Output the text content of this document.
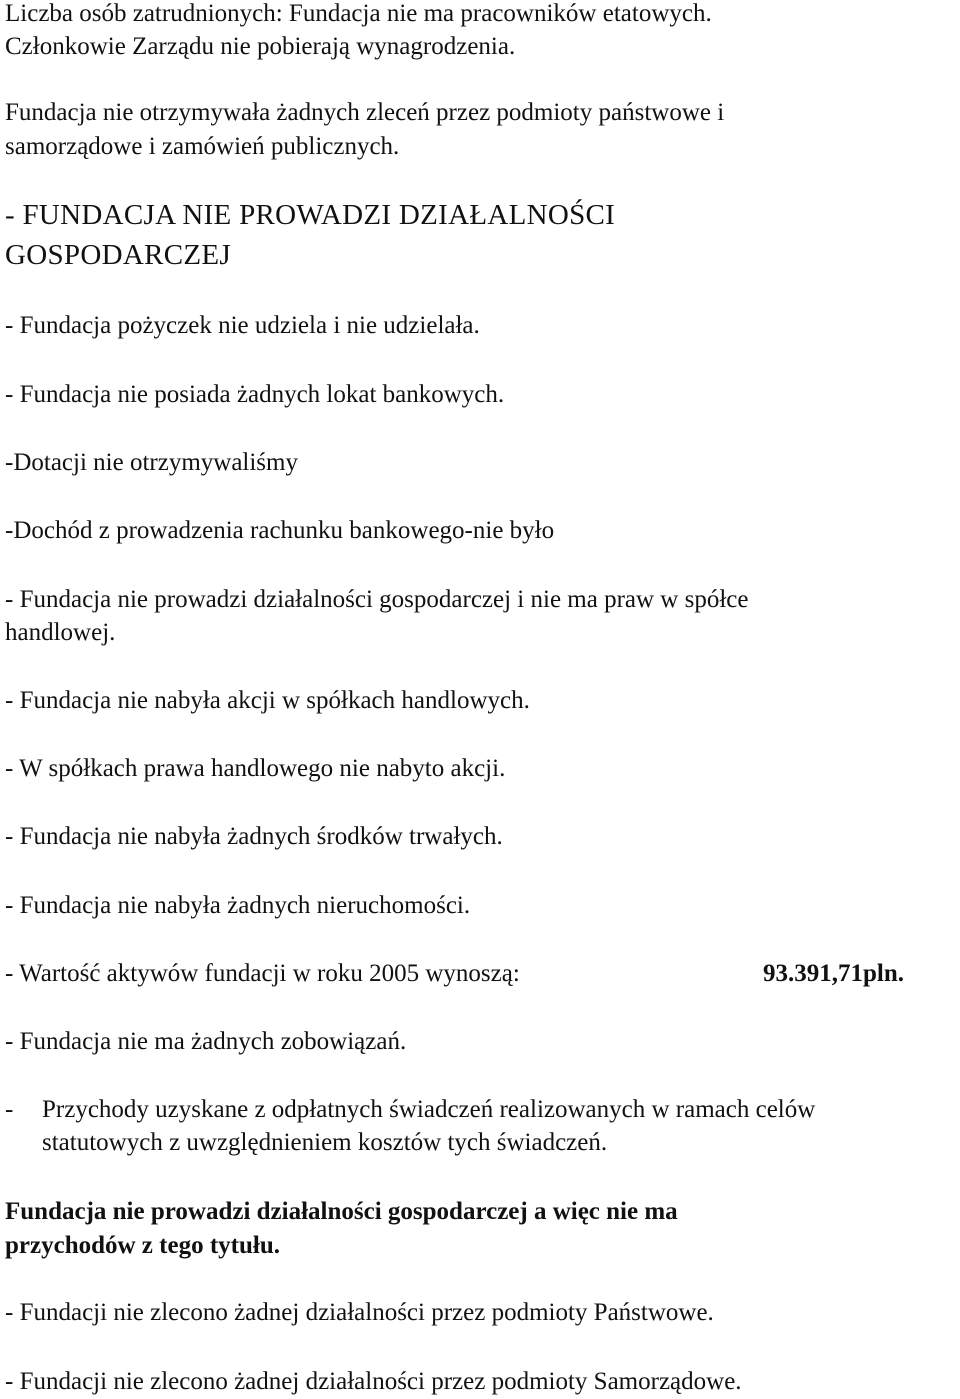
Liczba osób zatrudnionych: Fundacja nie ma pracowników etatowych.

Członkowie Zarządu nie pobierają wynagrodzenia.

Fundacja nie otrzymywała żadnych zleceń przez podmioty państwowe i

samorządowe i zamówień publicznych.

- FUNDACJA NIE PROWADZI DZIAŁALNOŚCI

GOSPODARCZEJ

- Fundacja pożyczek nie udziela i nie udzielała.

- Fundacja nie posiada żadnych lokat bankowych.

-Dotacji nie otrzymywaliśmy

-Dochód z prowadzenia rachunku bankowego-nie było

- Fundacja nie prowadzi działalności gospodarczej i nie ma praw w spółce

handlowej.

- Fundacja nie nabyła akcji w spółkach handlowych.

- W spółkach prawa handlowego nie nabyto akcji.

- Fundacja nie nabyła żadnych środków trwałych.

- Fundacja nie nabyła żadnych nieruchomości.

- Wartość aktywów fundacji w roku 2005 wynoszą:	93.391,71pln.

- Fundacja nie ma żadnych zobowiązań.

- Przychody uzyskane z odpłatnych świadczeń realizowanych w ramach celów

statutowych z uwzględnieniem kosztów tych świadczeń.

Fundacja nie prowadzi działalności gospodarczej a więc nie ma

przychodów z tego tytułu.

- Fundacji nie zlecono żadnej działalności przez podmioty Państwowe.

- Fundacji nie zlecono żadnej działalności przez podmioty Samorządowe.
